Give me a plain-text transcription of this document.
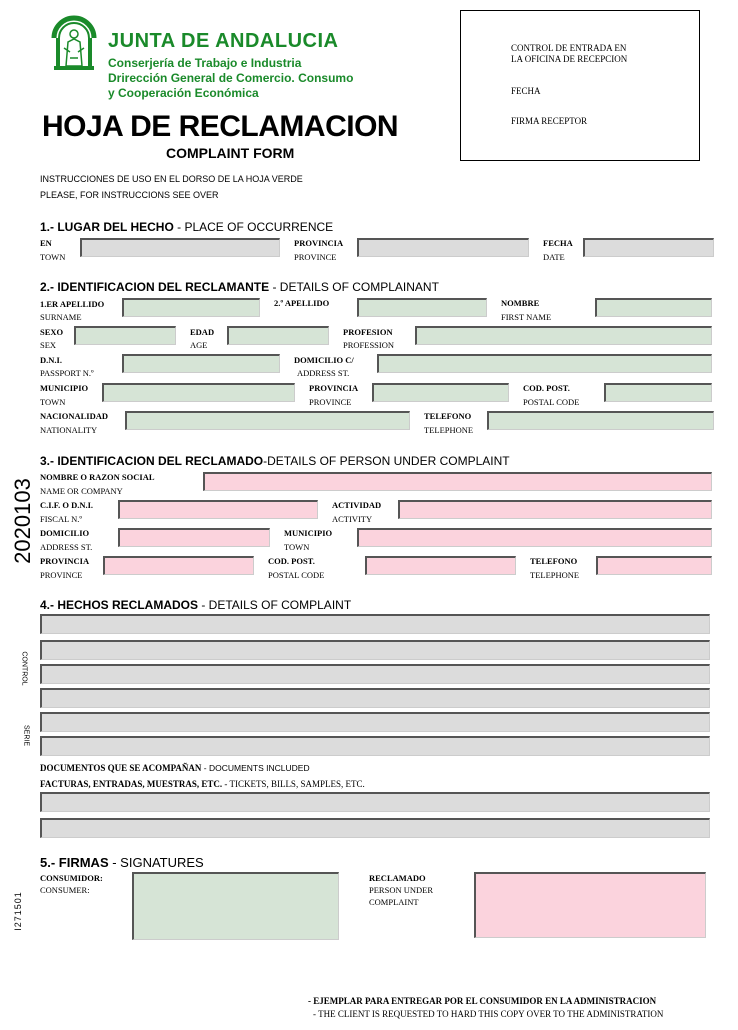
JUNTA DE ANDALUCIA
Conserjería de Trabajo e Industria
Drirección General de Comercio. Consumo
y Cooperación Económica
HOJA DE RECLAMACION
COMPLAINT FORM
INSTRUCCIONES DE USO EN EL DORSO DE LA HOJA VERDE
PLEASE, FOR INSTRUCCIONS SEE OVER
CONTROL DE ENTRADA EN
LA OFICINA DE RECEPCION
FECHA
FIRMA RECEPTOR
2020103
CONTROL
SERIE
I271501
1.- LUGAR DEL HECHO - PLACE OF OCCURRENCE
EN
TOWN
PROVINCIA
PROVINCE
FECHA
DATE
2.- IDENTIFICACION DEL RECLAMANTE - DETAILS OF COMPLAINANT
1.ER APELLIDO
SURNAME
2.º APELLIDO	NOMBRE
FIRST NAME
SEXO
SEX
EDAD
AGE
PROFESION
PROFESSION
D.N.I.
PASSPORT N.º
DOMICILIO C/
ADDRESS ST.
MUNICIPIO
TOWN
PROVINCIA
PROVINCE
COD. POST.
POSTAL CODE
NACIONALIDAD
NATIONALITY
TELEFONO
TELEPHONE
3.- IDENTIFICACION DEL RECLAMADO-DETAILS OF PERSON UNDER COMPLAINT
NOMBRE O RAZON SOCIAL
NAME OR COMPANY
C.I.F. O D.N.I.
FISCAL N.º
ACTIVIDAD
ACTIVITY
DOMICILIO
ADDRESS ST.
MUNICIPIO
TOWN
PROVINCIA
PROVINCE
COD. POST.
POSTAL CODE
TELEFONO
TELEPHONE
4.- HECHOS RECLAMADOS - DETAILS OF COMPLAINT
DOCUMENTOS QUE SE ACOMPAÑAN - DOCUMENTS INCLUDED
FACTURAS, ENTRADAS, MUESTRAS, ETC. - TICKETS, BILLS, SAMPLES, ETC.
5.- FIRMAS - SIGNATURES
CONSUMIDOR:
CONSUMER:
RECLAMADO
PERSON UNDER
COMPLAINT
- EJEMPLAR PARA ENTREGAR POR EL CONSUMIDOR EN LA ADMINISTRACION
- THE CLIENT IS REQUESTED TO HARD THIS COPY OVER TO THE ADMINISTRATION
